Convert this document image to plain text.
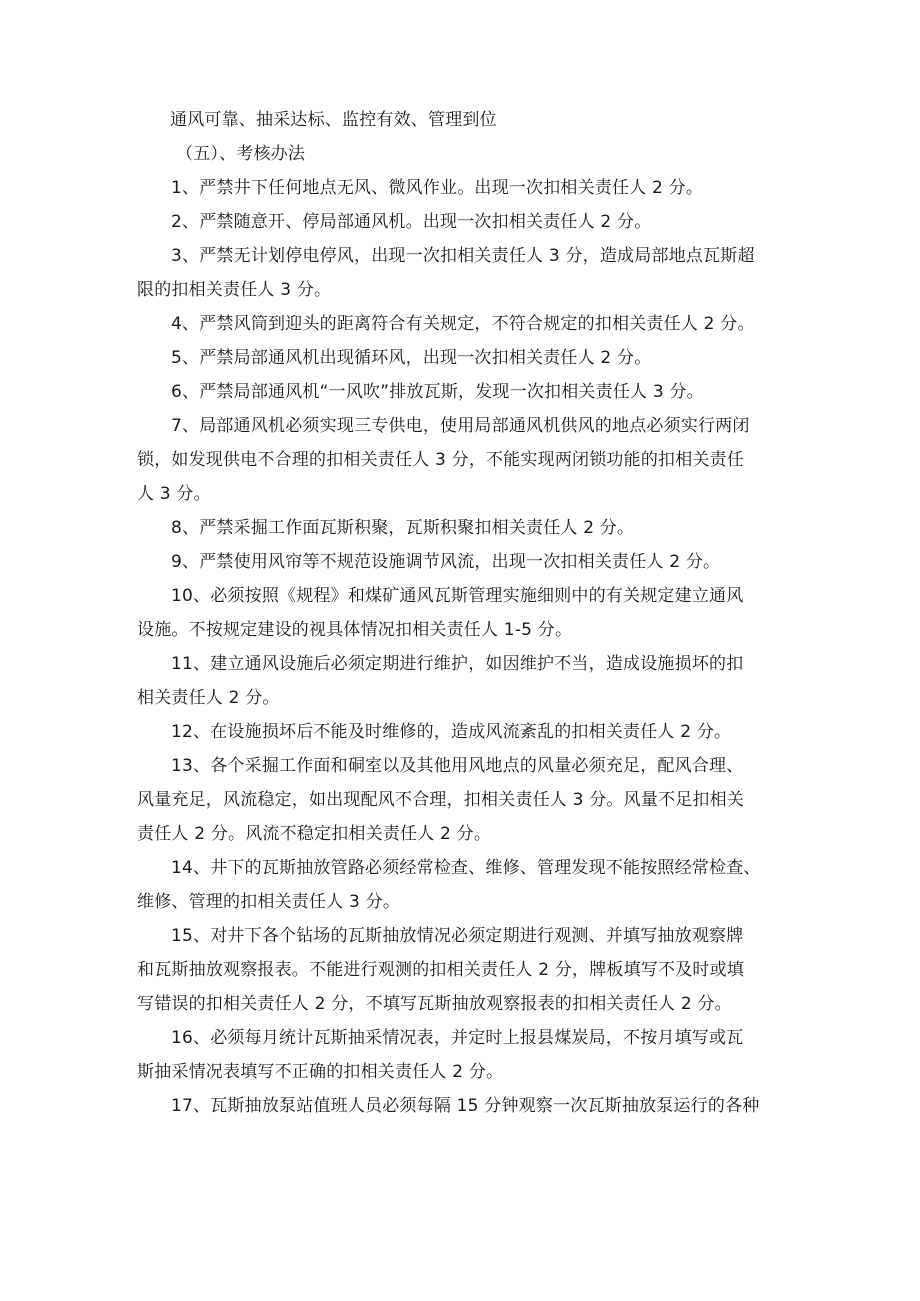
通风可靠、抽采达标、监控有效、管理到位
（五）、考核办法
1、严禁井下任何地点无风、微风作业。出现一次扣相关责任人 2 分。
2、严禁随意开、停局部通风机。出现一次扣相关责任人 2 分。
3、严禁无计划停电停风，出现一次扣相关责任人 3 分，造成局部地点瓦斯超
限的扣相关责任人 3 分。
4、严禁风筒到迎头的距离符合有关规定，不符合规定的扣相关责任人 2 分。
5、严禁局部通风机出现循环风，出现一次扣相关责任人 2 分。
6、严禁局部通风机“一风吹”排放瓦斯，发现一次扣相关责任人 3 分。
7、局部通风机必须实现三专供电，使用局部通风机供风的地点必须实行两闭
锁，如发现供电不合理的扣相关责任人 3 分，不能实现两闭锁功能的扣相关责任
人 3 分。
8、严禁采掘工作面瓦斯积聚，瓦斯积聚扣相关责任人 2 分。
9、严禁使用风帘等不规范设施调节风流，出现一次扣相关责任人 2 分。
10、必须按照《规程》和煤矿通风瓦斯管理实施细则中的有关规定建立通风
设施。不按规定建设的视具体情况扣相关责任人 1-5 分。
11、建立通风设施后必须定期进行维护，如因维护不当，造成设施损坏的扣
相关责任人 2 分。
12、在设施损坏后不能及时维修的，造成风流紊乱的扣相关责任人 2 分。
13、各个采掘工作面和硐室以及其他用风地点的风量必须充足，配风合理、
风量充足，风流稳定，如出现配风不合理，扣相关责任人 3 分。风量不足扣相关
责任人 2 分。风流不稳定扣相关责任人 2 分。
14、井下的瓦斯抽放管路必须经常检查、维修、管理发现不能按照经常检查、
维修、管理的扣相关责任人 3 分。
15、对井下各个钻场的瓦斯抽放情况必须定期进行观测、并填写抽放观察牌
和瓦斯抽放观察报表。不能进行观测的扣相关责任人 2 分，牌板填写不及时或填
写错误的扣相关责任人 2 分，不填写瓦斯抽放观察报表的扣相关责任人 2 分。
16、必须每月统计瓦斯抽采情况表，并定时上报县煤炭局，不按月填写或瓦
斯抽采情况表填写不正确的扣相关责任人 2 分。
17、瓦斯抽放泵站值班人员必须每隔 15 分钟观察一次瓦斯抽放泵运行的各种
